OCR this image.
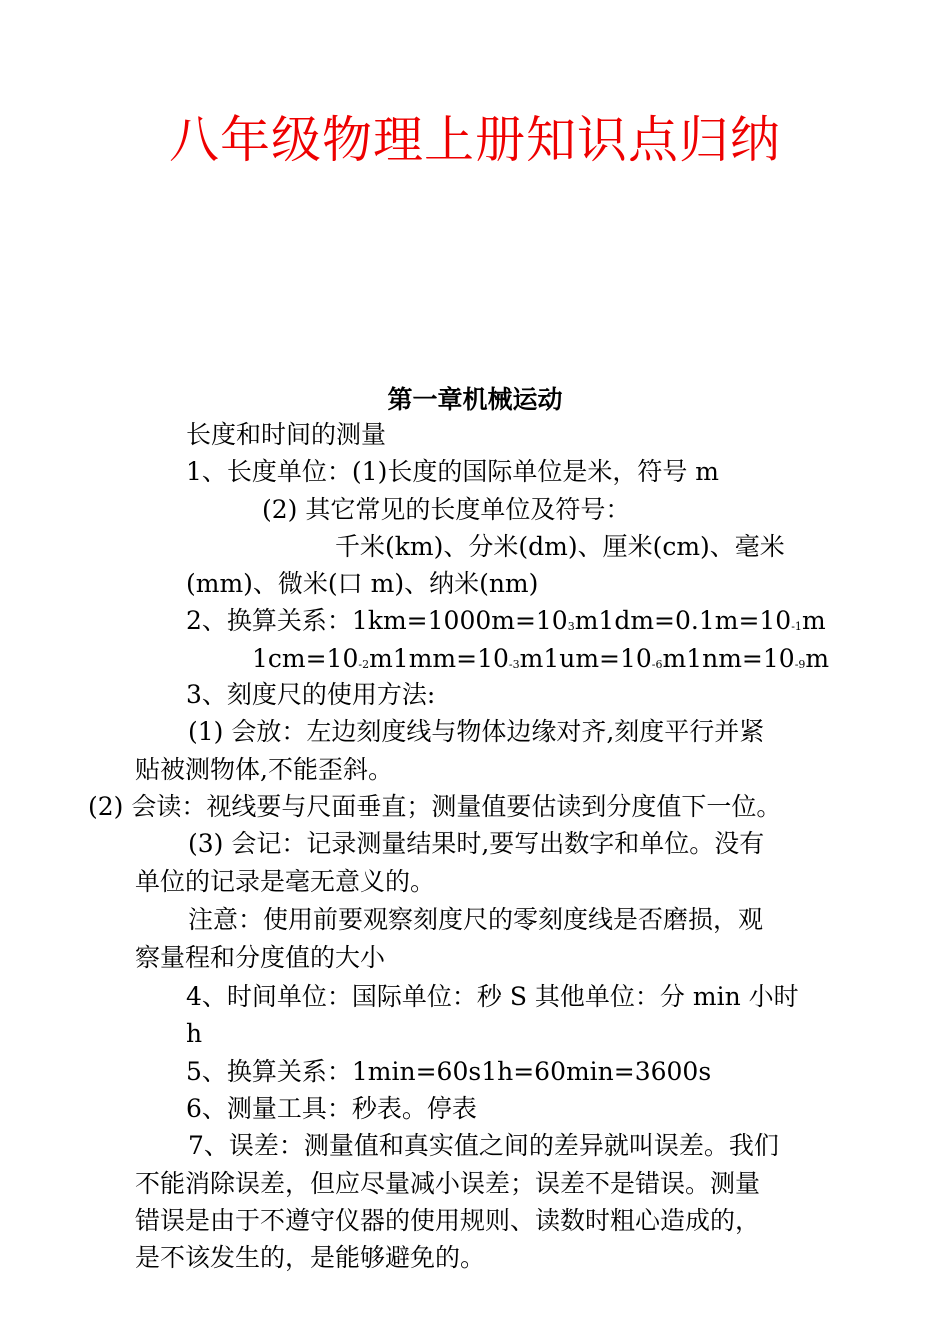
八年级物理上册知识点归纳
第一章机械运动
长度和时间的测量
1、长度单位：(1)长度的国际单位是米，符号 m
(2) 其它常见的长度单位及符号：
千米(km)、分米(dm)、厘米(cm)、毫米
(mm)、微米(口 m)、纳米(nm)
2、换算关系：$1km=1000m=10_3m1dm=0.1m=10_{-1}m$
$1cm=10_{-2}m1mm=10_{-3}m1um=10_{-6}m1nm=10_{-9}m$
3、刻度尺的使用方法:
(1) 会放：左边刻度线与物体边缘对齐,刻度平行并紧
贴被测物体,不能歪斜。
(2) 会读：视线要与尺面垂直；测量值要估读到分度值下一位。
(3) 会记：记录测量结果时,要写出数字和单位。没有
单位的记录是毫无意义的。
注意：使用前要观察刻度尺的零刻度线是否磨损，观
察量程和分度值的大小
4、时间单位：国际单位：秒 S 其他单位：分 min 小时
h
5、换算关系：1min=60s1h=60min=3600s
6、测量工具：秒表。停表
7、误差：测量值和真实值之间的差异就叫误差。我们
不能消除误差，但应尽量减小误差；误差不是错误。测量
错误是由于不遵守仪器的使用规则、读数时粗心造成的，
是不该发生的，是能够避免的。
